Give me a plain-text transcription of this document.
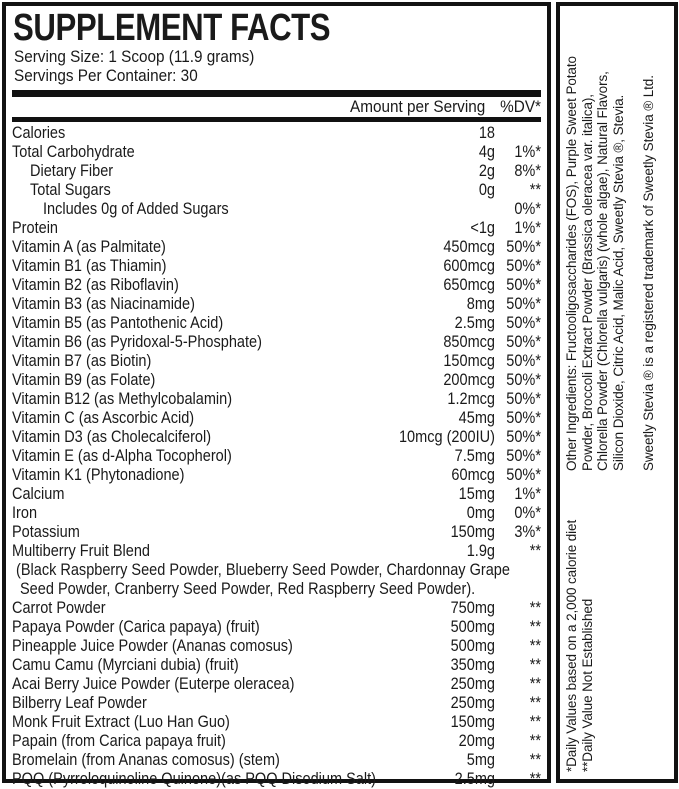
SUPPLEMENT FACTS
Serving Size: 1 Scoop (11.9 grams)
Servings Per Container: 30
Amount per Serving %DV*
Calories	18
Total Carbohydrate	4g	1%*
Dietary Fiber	2g	8%*
Total Sugars	0g	**
Includes 0g of Added Sugars	0%*
Protein	<1g	1%*
Vitamin A (as Palmitate)	450mcg 50%*
Vitamin B1 (as Thiamin)	600mcg 50%*
Vitamin B2 (as Riboflavin)	650mcg 50%*
Vitamin B3 (as Niacinamide)	8mg 50%*
Vitamin B5 (as Pantothenic Acid)	2.5mg 50%*
Vitamin B6 (as Pyridoxal-5-Phosphate)	850mcg 50%*
Vitamin B7 (as Biotin)	150mcg 50%*
Vitamin B9 (as Folate)	200mcg 50%*
Vitamin B12 (as Methylcobalamin)	1.2mcg 50%*
Vitamin C (as Ascorbic Acid)	45mg 50%*
Vitamin D3 (as Cholecalciferol)	10mcg (200IU) 50%*
Vitamin E (as d-Alpha Tocopherol)	7.5mg 50%*
Vitamin K1 (Phytonadione)	60mcg 50%*
Calcium	15mg	1%*
Iron	0mg	0%*
Potassium	150mg	3%*
Multiberry Fruit Blend	1.9g	**
(Black Raspberry Seed Powder, Blueberry Seed Powder, Chardonnay Grape
Seed Powder, Cranberry Seed Powder, Red Raspberry Seed Powder).
Carrot Powder	750mg	**
Papaya Powder (Carica papaya) (fruit)	500mg	**
Pineapple Juice Powder (Ananas comosus)	500mg	**
Camu Camu (Myrciani dubia) (fruit)	350mg	**
Acai Berry Juice Powder (Euterpe oleracea)	250mg	**
Bilberry Leaf Powder	250mg	**
Monk Fruit Extract (Luo Han Guo)	150mg	**
Papain (from Carica papaya fruit)	20mg	**
Bromelain (from Ananas comosus) (stem)	5mg	**
PQQ (Pyrroloquinoline Quinone)(as PQQ Disodium Salt)	2.5mg	**
Other Ingredients: Fructooligosaccharides (FOS), Purple Sweet Potato Powder, Broccoli Extract Powder (Brassica oleracea var. italica), Chlorella Powder (Chlorella vulgaris) (whole algae), Natural Flavors, Silicon Dioxide, Citric Acid, Malic Acid, Sweetly Stevia ®, Stevia. Sweetly Stevia ® is a registered trademark of Sweetly Stevia ® Ltd.
*Daily Values based on a 2,000 calorie diet **Daily Value Not Established
